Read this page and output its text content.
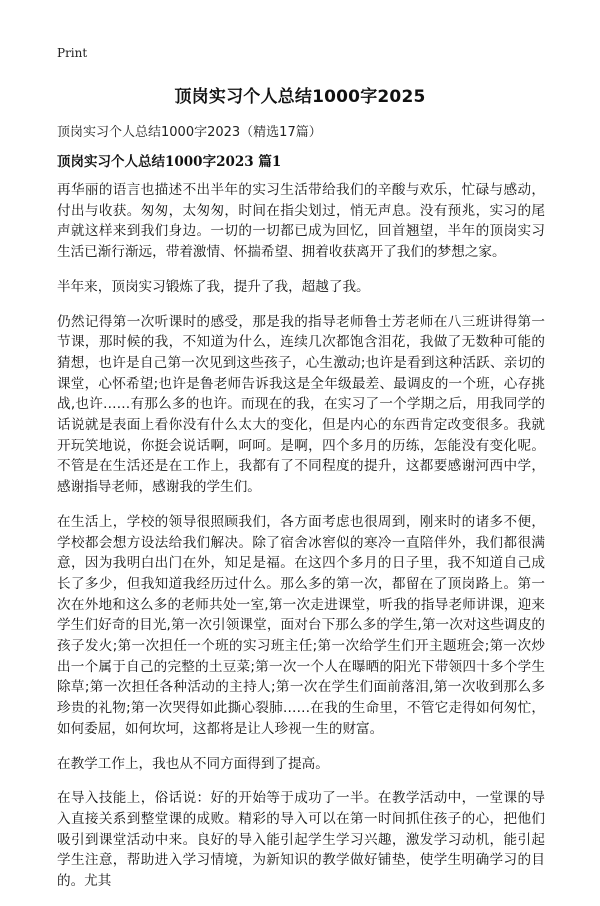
Print
顶岗实习个人总结1000字2025

顶岗实习个人总结1000字2023（精选17篇）

顶岗实习个人总结1000字2023 篇1

再华丽的语言也描述不出半年的实习生活带给我们的辛酸与欢乐，忙碌与感动，付出与收获。匆匆，太匆匆，时间在指尖划过，悄无声息。没有预兆，实习的尾声就这样来到我们身边。一切的一切都已成为回忆，回首翘望，半年的顶岗实习生活已渐行渐远，带着激情、怀揣希望、拥着收获离开了我们的梦想之家。

半年来，顶岗实习锻炼了我，提升了我，超越了我。

仍然记得第一次听课时的感受，那是我的指导老师鲁士芳老师在八三班讲得第一节课，那时候的我，不知道为什么，连续几次都饱含泪花，我做了无数种可能的猜想，也许是自己第一次见到这些孩子，心生激动;也许是看到这种活跃、亲切的课堂，心怀希望;也许是鲁老师告诉我这是全年级最差、最调皮的一个班，心存挑战,也许……有那么多的也许。而现在的我，在实习了一个学期之后，用我同学的话说就是表面上看你没有什么太大的变化，但是内心的东西肯定改变很多。我就开玩笑地说，你挺会说话啊，呵呵。是啊，四个多月的历练，怎能没有变化呢。不管是在生活还是在工作上，我都有了不同程度的提升，这都要感谢河西中学，感谢指导老师，感谢我的学生们。

在生活上，学校的领导很照顾我们，各方面考虑也很周到，刚来时的诸多不便，学校都会想方设法给我们解决。除了宿舍冰窖似的寒冷一直陪伴外，我们都很满意，因为我明白出门在外，知足是福。在这四个多月的日子里，我不知道自己成长了多少，但我知道我经历过什么。那么多的第一次，都留在了顶岗路上。第一次在外地和这么多的老师共处一室,第一次走进课堂，听我的指导老师讲课，迎来学生们好奇的目光,第一次引领课堂，面对台下那么多的学生,第一次对这些调皮的孩子发火;第一次担任一个班的实习班主任;第一次给学生们开主题班会;第一次炒出一个属于自己的完整的土豆菜;第一次一个人在曝晒的阳光下带领四十多个学生除草;第一次担任各种活动的主持人;第一次在学生们面前落泪,第一次收到那么多珍贵的礼物;第一次哭得如此撕心裂肺……在我的生命里，不管它走得如何匆忙，如何委屈，如何坎坷，这都将是让人珍视一生的财富。

在教学工作上，我也从不同方面得到了提高。

在导入技能上，俗话说：好的开始等于成功了一半。在教学活动中，一堂课的导入直接关系到整堂课的成败。精彩的导入可以在第一时间抓住孩子的心，把他们吸引到课堂活动中来。良好的导入能引起学生学习兴趣，激发学习动机，能引起学生注意，帮助进入学习情境，为新知识的教学做好铺垫，使学生明确学习的目的。尤其
